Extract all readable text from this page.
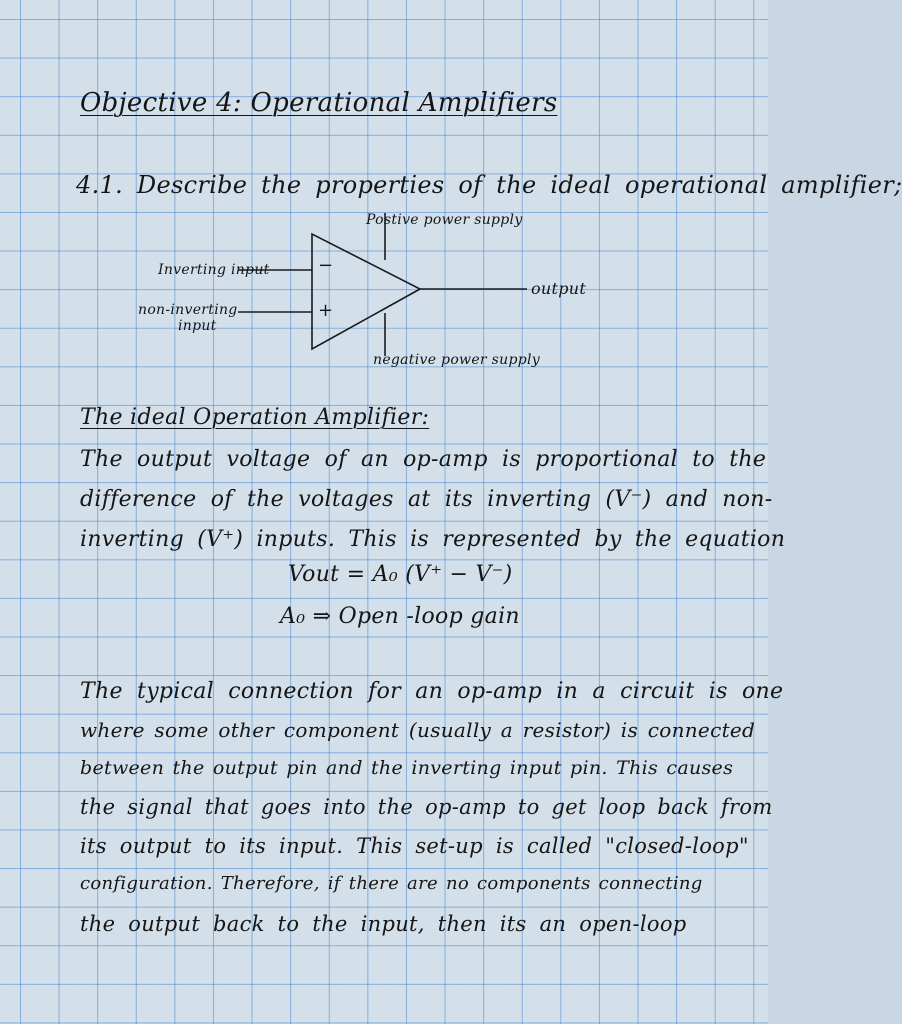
Objective 4: Operational Amplifiers
4.1. Describe the properties of the ideal operational amplifier;
Postive power supply
Inverting input
non-inverting
input
−
+
output
negative power supply
The ideal Operation Amplifier:
The output voltage of an op-amp is proportional to the
difference of the voltages at its inverting (V⁻) and non-
inverting (V⁺) inputs. This is represented by the equation
Vout = A₀ (V⁺ − V⁻)
A₀ ⇒ Open -loop gain
The typical connection for an op-amp in a circuit is one
where some other component (usually a resistor) is connected
between the output pin and the inverting input pin. This causes
the signal that goes into the op-amp to get loop back from
its output to its input. This set-up is called "closed-loop"
configuration. Therefore, if there are no components connecting
the output back to the input, then its an open-loop
